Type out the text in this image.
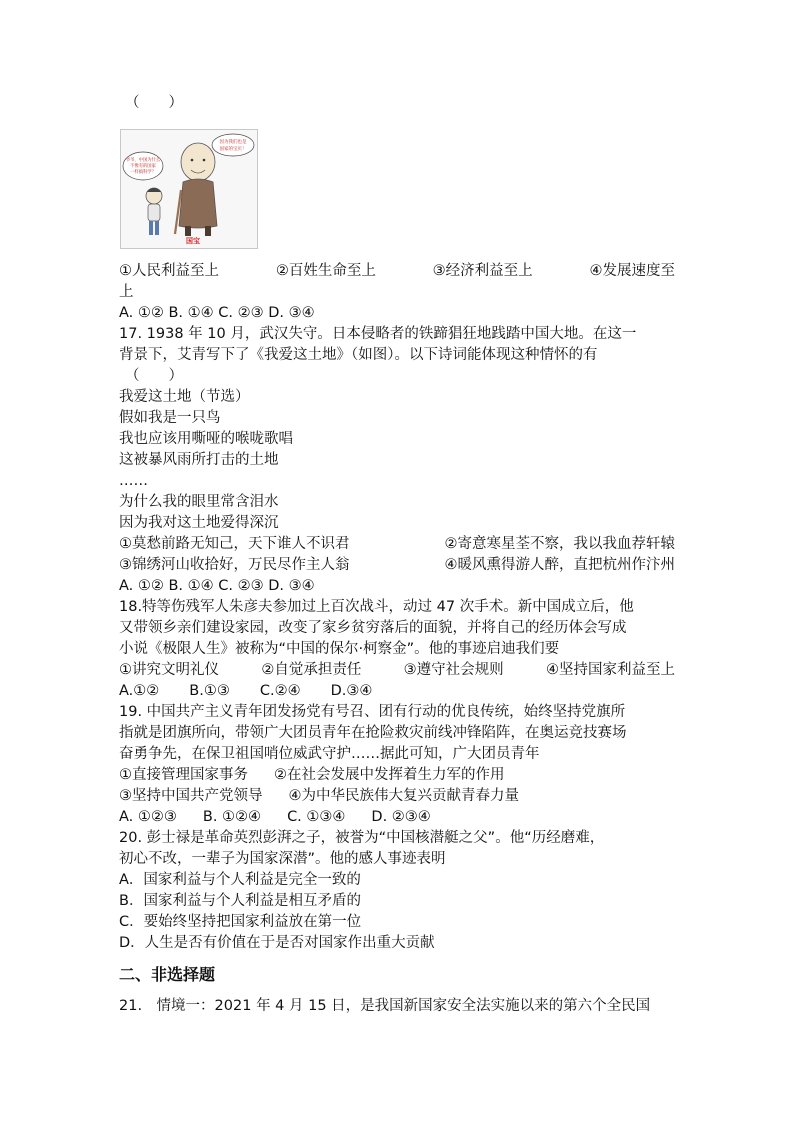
（　　）
爷爷，中国为什么
不像有的国家
一样搞科学？
因为我们也是
国家的宝贝！
国宝
①人民利益至上	②百姓生命至上	③经济利益至上	④发展速度至
上
A. ①② B. ①④ C. ②③ D. ③④
17. 1938 年 10 月，武汉失守。日本侵略者的铁蹄猖狂地践踏中国大地。在这一
背景下，艾青写下了《我爱这土地》（如图）。以下诗词能体现这种情怀的有
（　　）
我爱这土地（节选）
假如我是一只鸟
我也应该用嘶哑的喉咙歌唱
这被暴风雨所打击的土地
……
为什么我的眼里常含泪水
因为我对这土地爱得深沉
①莫愁前路无知己，天下谁人不识君	②寄意寒星荃不察，我以我血荐轩辕
③锦绣河山收拾好，万民尽作主人翁	④暖风熏得游人醉，直把杭州作汴州
A. ①② B. ①④ C. ②③ D. ③④
18.特等伤残军人朱彦夫参加过上百次战斗，动过 47 次手术。新中国成立后，他
又带领乡亲们建设家园，改变了家乡贫穷落后的面貌，并将自己的经历体会写成
小说《极限人生》被称为“中国的保尔·柯察金”。他的事迹启迪我们要
①讲究文明礼仪	②自觉承担责任	③遵守社会规则	④坚持国家利益至上
A.①② B.①③ C.②④ D.③④
19. 中国共产主义青年团发扬党有号召、团有行动的优良传统，始终坚持党旗所
指就是团旗所向，带领广大团员青年在抢险救灾前线冲锋陷阵，在奥运竞技赛场
奋勇争先，在保卫祖国哨位威武守护……据此可知，广大团员青年
①直接管理国家事务 ②在社会发展中发挥着生力军的作用
③坚持中国共产党领导 ④为中华民族伟大复兴贡献青春力量
A. ①②③ B. ①②④ C. ①③④ D. ②③④
20. 彭士禄是革命英烈彭湃之子，被誉为“中国核潜艇之父”。他“历经磨难，
初心不改，一辈子为国家深潜”。他的感人事迹表明
A．国家利益与个人利益是完全一致的
B．国家利益与个人利益是相互矛盾的
C．要始终坚持把国家利益放在第一位
D．人生是否有价值在于是否对国家作出重大贡献
二、非选择题
21.　情境一：2021 年 4 月 15 日，是我国新国家安全法实施以来的第六个全民国
